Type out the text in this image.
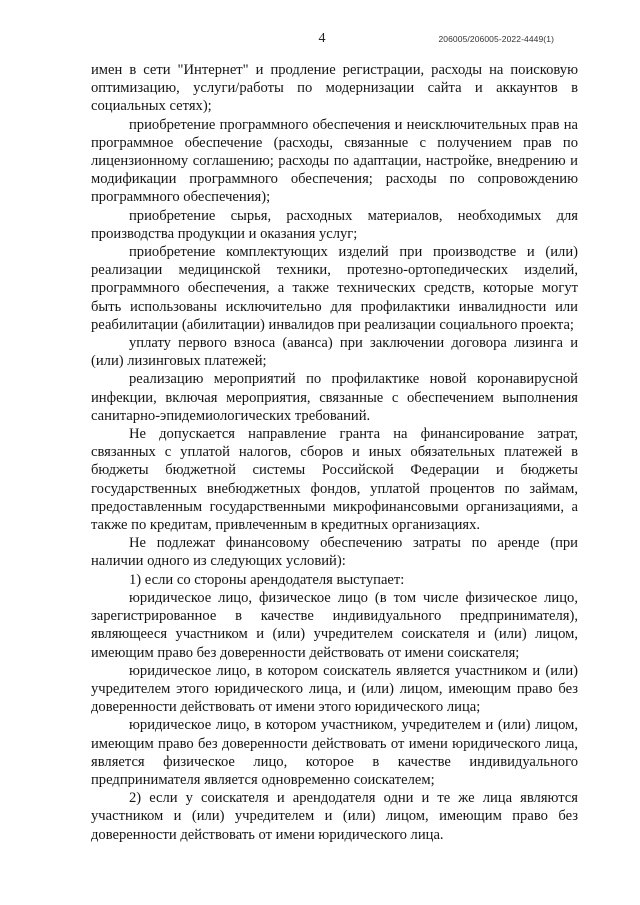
4	206005/206005-2022-4449(1)

имен в сети "Интернет" и продление регистрации, расходы на поисковую оптимизацию, услуги/работы по модернизации сайта и аккаунтов в социальных сетях);

приобретение программного обеспечения и неисключительных прав на программное обеспечение (расходы, связанные с получением прав по лицензионному соглашению; расходы по адаптации, настройке, внедрению и модификации программного обеспечения; расходы по сопровождению программного обеспечения);

приобретение сырья, расходных материалов, необходимых для производства продукции и оказания услуг;

приобретение комплектующих изделий при производстве и (или) реализации медицинской техники, протезно-ортопедических изделий, программного обеспечения, а также технических средств, которые могут быть использованы исключительно для профилактики инвалидности или реабилитации (абилитации) инвалидов при реализации социального проекта;

уплату первого взноса (аванса) при заключении договора лизинга и (или) лизинговых платежей;

реализацию мероприятий по профилактике новой коронавирусной инфекции, включая мероприятия, связанные с обеспечением выполнения санитарно-эпидемиологических требований.

Не допускается направление гранта на финансирование затрат, связанных с уплатой налогов, сборов и иных обязательных платежей в бюджеты бюджетной системы Российской Федерации и бюджеты государственных внебюджетных фондов, уплатой процентов по займам, предоставленным государственными микрофинансовыми организациями, а также по кредитам, привлеченным в кредитных организациях.

Не подлежат финансовому обеспечению затраты по аренде (при наличии одного из следующих условий):

1) если со стороны арендодателя выступает:

юридическое лицо, физическое лицо (в том числе физическое лицо, зарегистрированное в качестве индивидуального предпринимателя), являющееся участником и (или) учредителем соискателя и (или) лицом, имеющим право без доверенности действовать от имени соискателя;

юридическое лицо, в котором соискатель является участником и (или) учредителем этого юридического лица, и (или) лицом, имеющим право без доверенности действовать от имени этого юридического лица;

юридическое лицо, в котором участником, учредителем и (или) лицом, имеющим право без доверенности действовать от имени юридического лица, является физическое лицо, которое в качестве индивидуального предпринимателя является одновременно соискателем;

2) если у соискателя и арендодателя одни и те же лица являются участником и (или) учредителем и (или) лицом, имеющим право без доверенности действовать от имени юридического лица.
